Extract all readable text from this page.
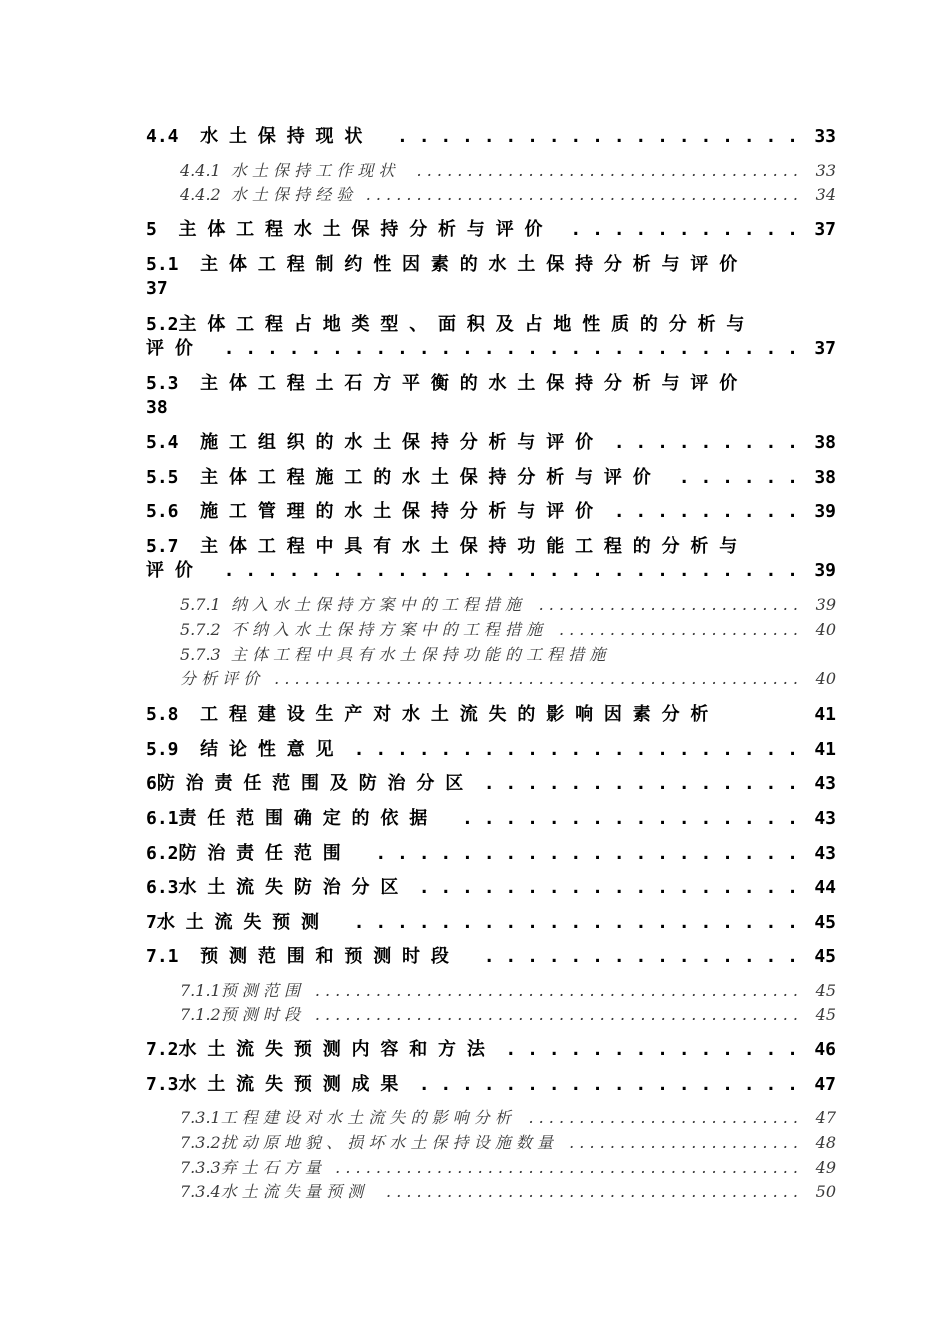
4.4  水 土 保 持 现 状 . . . . . . . . . . . . . . . . . . . 33
4.4.1  水 土 保 持 工 作 现 状 . . . . . . . . . . . . . . . . . . . . . . . . . . . . . . . . . . . . . . 33
4.4.2  水 土 保 持 经 验 . . . . . . . . . . . . . . . . . . . . . . . . . . . . . . . . . . . . . . . . . . . 34
5  主 体 工 程 水 土 保 持 分 析 与 评 价 . . . . . . . . . . . 37
5.1  主 体 工 程 制 约 性 因 素 的 水 土 保 持 分 析 与 评 价
37
5.2主 体 工 程 占 地 类 型 、 面 积 及 占 地 性 质 的 分 析 与
评 价 . . . . . . . . . . . . . . . . . . . . . . . . . . . 37
5.3  主 体 工 程 土 石 方 平 衡 的 水 土 保 持 分 析 与 评 价
38
5.4  施 工 组 织 的 水 土 保 持 分 析 与 评 价 . . . . . . . . . 38
5.5  主 体 工 程 施 工 的 水 土 保 持 分 析 与 评 价 . . . . . . 38
5.6  施 工 管 理 的 水 土 保 持 分 析 与 评 价 . . . . . . . . . 39
5.7  主 体 工 程 中 具 有 水 土 保 持 功 能 工 程 的 分 析 与
评 价 . . . . . . . . . . . . . . . . . . . . . . . . . . . 39
5.7.1  纳 入 水 土 保 持 方 案 中 的 工 程 措 施 . . . . . . . . . . . . . . . . . . . . . . . . . . 39
5.7.2  不 纳 入 水 土 保 持 方 案 中 的 工 程 措 施 . . . . . . . . . . . . . . . . . . . . . . . . 40
5.7.3  主 体 工 程 中 具 有 水 土 保 持 功 能 的 工 程 措 施
分 析 评 价 . . . . . . . . . . . . . . . . . . . . . . . . . . . . . . . . . . . . . . . . . . . . . . . . . . . . 40
5.8  工 程 建 设 生 产 对 水 土 流 失 的 影 响 因 素 分 析	41
5.9  结 论 性 意 见 . . . . . . . . . . . . . . . . . . . . . 41
6防 治 责 任 范 围 及 防 治 分 区 . . . . . . . . . . . . . . . 43
6.1责 任 范 围 确 定 的 依 据 . . . . . . . . . . . . . . . . 43
6.2防 治 责 任 范 围 . . . . . . . . . . . . . . . . . . . . 43
6.3水 土 流 失 防 治 分 区 . . . . . . . . . . . . . . . . . . 44
7水 土 流 失 预 测 . . . . . . . . . . . . . . . . . . . . . 45
7.1  预 测 范 围 和 预 测 时 段 . . . . . . . . . . . . . . . 45
7.1.1预 测 范 围 . . . . . . . . . . . . . . . . . . . . . . . . . . . . . . . . . . . . . . . . . . . . . . . . 45
7.1.2预 测 时 段 . . . . . . . . . . . . . . . . . . . . . . . . . . . . . . . . . . . . . . . . . . . . . . . . 45
7.2水 土 流 失 预 测 内 容 和 方 法 . . . . . . . . . . . . . . 46
7.3水 土 流 失 预 测 成 果 . . . . . . . . . . . . . . . . . . 47
7.3.1工 程 建 设 对 水 土 流 失 的 影 响 分 析 . . . . . . . . . . . . . . . . . . . . . . . . . . . 47
7.3.2扰 动 原 地 貌 、 损 坏 水 土 保 持 设 施 数 量 . . . . . . . . . . . . . . . . . . . . . . . 48
7.3.3弃 土 石 方 量 . . . . . . . . . . . . . . . . . . . . . . . . . . . . . . . . . . . . . . . . . . . . . . 49
7.3.4水 土 流 失 量 预 测 . . . . . . . . . . . . . . . . . . . . . . . . . . . . . . . . . . . . . . . . . 50
